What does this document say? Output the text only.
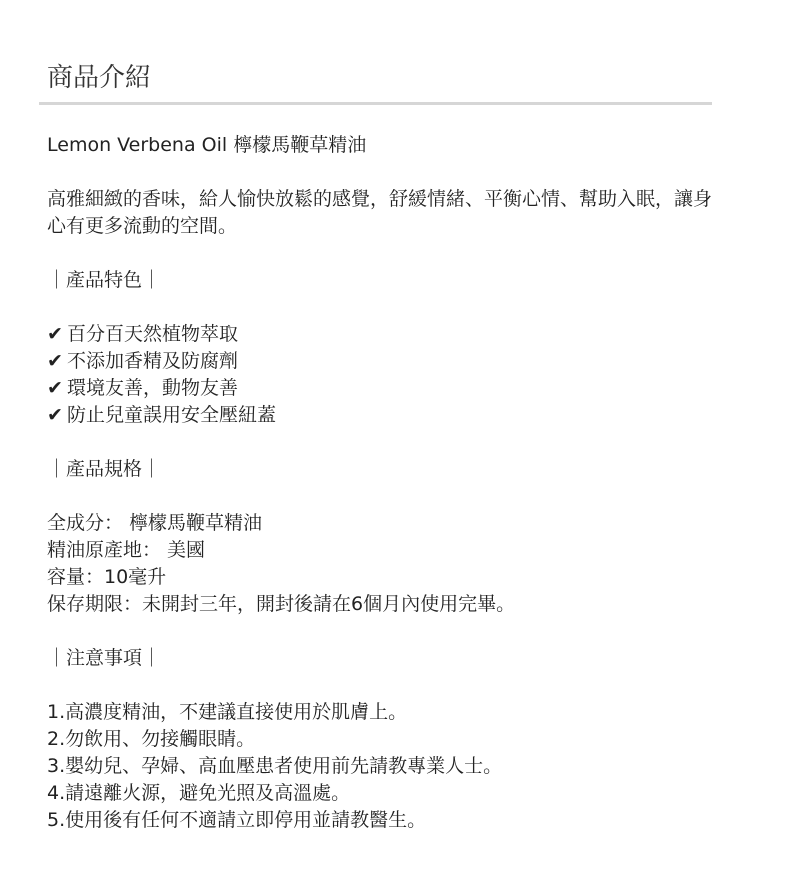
商品介紹

Lemon Verbena Oil 檸檬馬鞭草精油

高雅細緻的香味，給人愉快放鬆的感覺，舒緩情緒、平衡心情、幫助入眠，讓身心有更多流動的空間。

｜產品特色｜

✔ 百分百天然植物萃取
✔ 不添加香精及防腐劑
✔ 環境友善，動物友善
✔ 防止兒童誤用安全壓紐蓋

｜產品規格｜

全成分： 檸檬馬鞭草精油
精油原產地： 美國
容量：10毫升
保存期限：未開封三年，開封後請在6個月內使用完畢。

｜注意事項｜

1.高濃度精油，不建議直接使用於肌膚上。
2.勿飲用、勿接觸眼睛。
3.嬰幼兒、孕婦、高血壓患者使用前先請教專業人士。
4.請遠離火源，避免光照及高溫處。
5.使用後有任何不適請立即停用並請教醫生。
